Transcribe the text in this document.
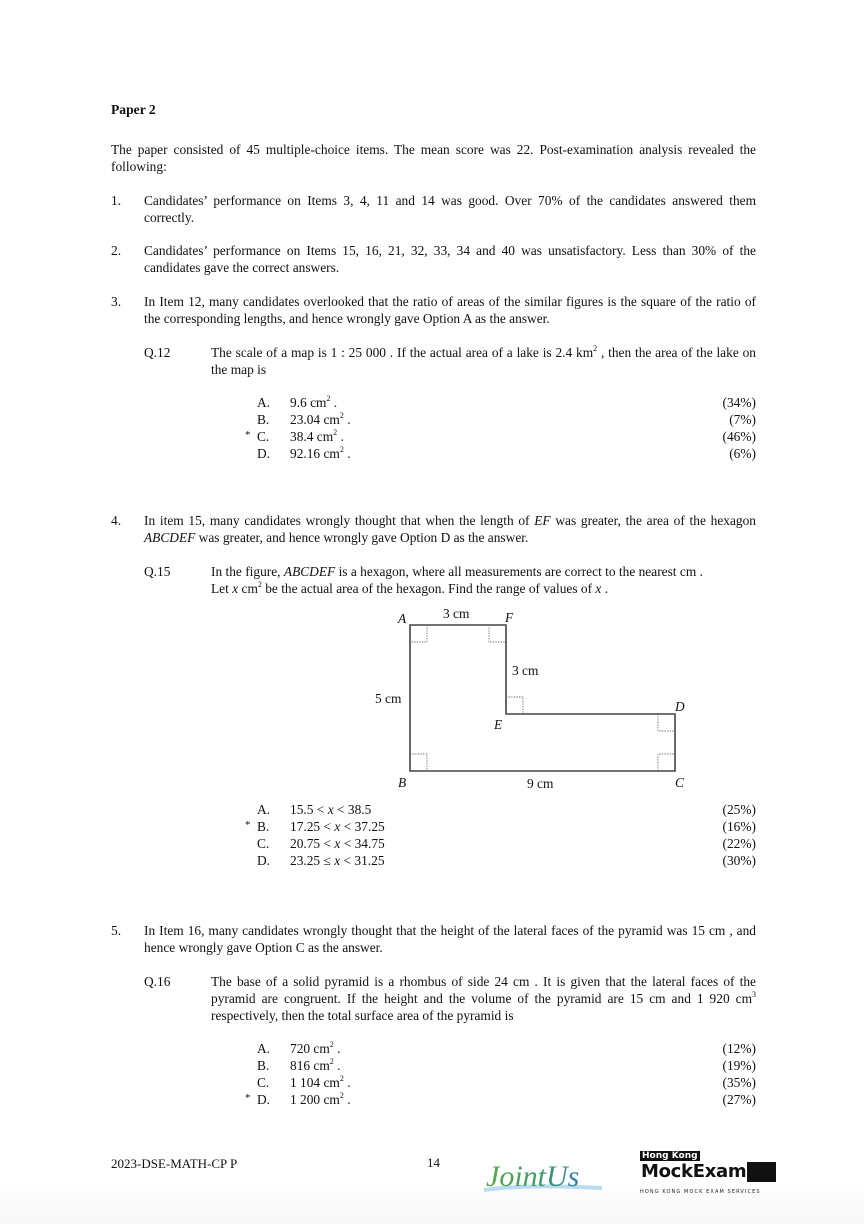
Paper 2
The paper consisted of 45 multiple-choice items. The mean score was 22. Post-examination analysis revealed the following:
1. Candidates’ performance on Items 3, 4, 11 and 14 was good. Over 70% of the candidates answered them correctly.
2. Candidates’ performance on Items 15, 16, 21, 32, 33, 34 and 40 was unsatisfactory. Less than 30% of the candidates gave the correct answers.
3. In Item 12, many candidates overlooked that the ratio of areas of the similar figures is the square of the ratio of the corresponding lengths, and hence wrongly gave Option A as the answer.
Q.12	The scale of a map is 1 : 25 000 . If the actual area of a lake is 2.4 $km^2$ , then the area of the lake on the map is
A. 9.6 $cm^2$ .	(34%)
B. 23.04 $cm^2$ .	(7%)
* C. 38.4 $cm^2$ .	(46%)
D. 92.16 $cm^2$ .	(6%)
4. In item 15, many candidates wrongly thought that when the length of EF was greater, the area of the hexagon ABCDEF was greater, and hence wrongly gave Option D as the answer.
Q.15	In the figure, ABCDEF is a hexagon, where all measurements are correct to the nearest cm .
Let x $cm^2$ be the actual area of the hexagon. Find the range of values of x .
A
B	C
D
E
F
3 cm
3 cm
5 cm
9 cm
A. 15.5 < x < 38.5	(25%)
* B. 17.25 < x < 37.25	(16%)
C. 20.75 < x < 34.75	(22%)
D. 23.25 ≤ x < 31.25	(30%)
5. In Item 16, many candidates wrongly thought that the height of the lateral faces of the pyramid was 15 cm , and hence wrongly gave Option C as the answer.
Q.16	The base of a solid pyramid is a rhombus of side 24 cm . It is given that the lateral faces of the pyramid are congruent. If the height and the volume of the pyramid are 15 cm and 1 920 $cm^3$ respectively, then the total surface area of the pyramid is
A. 720 $cm^2$ .	(12%)
B. 816 $cm^2$ .	(19%)
C. 1 104 $cm^2$ .	(35%)
* D. 1 200 $cm^2$ .	(27%)
2023-DSE-MATH-CP P	14 JointUs
Hong Kong
MockExam
HONG KONG MOCK EXAM SERVICES
